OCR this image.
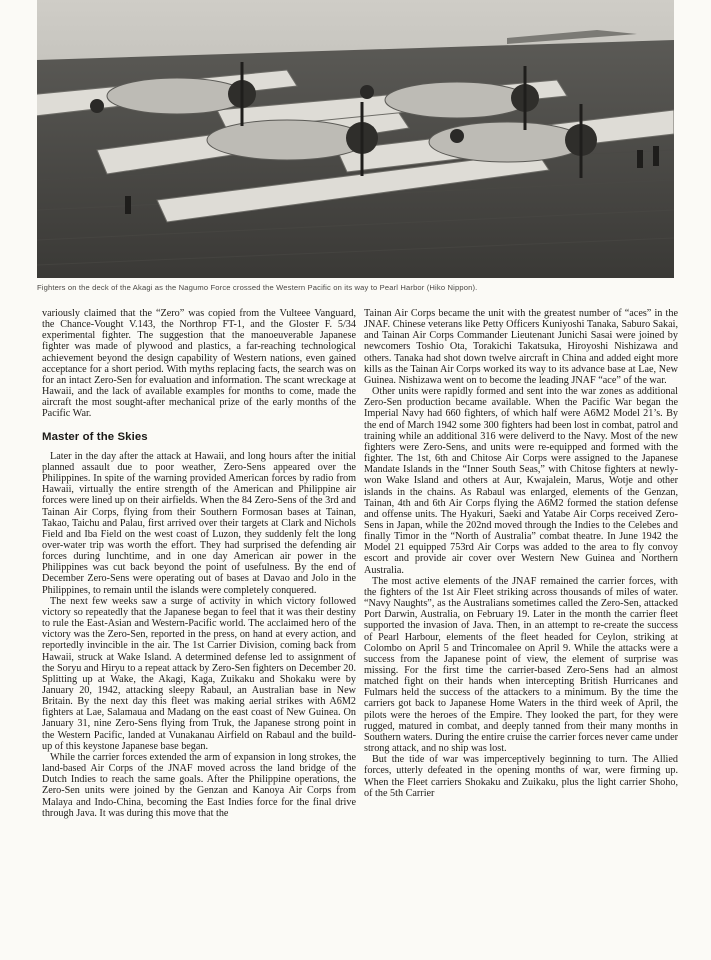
Fighters on the deck of the Akagi as the Nagumo Force crossed the Western Pacific on its way to Pearl Harbor (Hiko Nippon).

variously claimed that the “Zero” was copied from the Vulteee Vanguard, the Chance-Vought V.143, the Northrop FT-1, and the Gloster F. 5/34 experimental fighter. The suggestion that the manoeuverable Japanese fighter was made of plywood and plastics, a far-reaching technological achievement beyond the design capability of Western nations, even gained acceptance for a short period. With myths replacing facts, the search was on for an intact Zero-Sen for evaluation and information. The scant wreckage at Hawaii, and the lack of available examples for months to come, made the aircraft the most sought-after mechanical prize of the early months of the Pacific War.

Master of the Skies

Later in the day after the attack at Hawaii, and long hours after the initial planned assault due to poor weather, Zero-Sens appeared over the Philippines. In spite of the warning provided American forces by radio from Hawaii, virtually the entire strength of the American and Philippine air forces were lined up on their airfields. When the 84 Zero-Sens of the 3rd and Tainan Air Corps, flying from their Southern Formosan bases at Tainan, Takao, Taichu and Palau, first arrived over their targets at Clark and Nichols Field and Iba Field on the west coast of Luzon, they suddenly felt the long over-water trip was worth the effort. They had surprised the defending air forces during lunchtime, and in one day American air power in the Philippines was cut back beyond the point of usefulness. By the end of December Zero-Sens were operating out of bases at Davao and Jolo in the Philippines, to remain until the islands were completely conquered.

The next few weeks saw a surge of activity in which victory followed victory so repeatedly that the Japanese began to feel that it was their destiny to rule the East-Asian and Western-Pacific world. The acclaimed hero of the victory was the Zero-Sen, reported in the press, on hand at every action, and reportedly invincible in the air. The 1st Carrier Division, coming back from Hawaii, struck at Wake Island. A determined defense led to assignment of the Soryu and Hiryu to a repeat attack by Zero-Sen fighters on December 20. Splitting up at Wake, the Akagi, Kaga, Zuikaku and Shokaku were by January 20, 1942, attacking sleepy Rabaul, an Australian base in New Britain. By the next day this fleet was making aerial strikes with A6M2 fighters at Lae, Salamaua and Madang on the east coast of New Guinea. On January 31, nine Zero-Sens flying from Truk, the Japanese strong point in the Western Pacific, landed at Vunakanau Airfield on Rabaul and the build-up of this keystone Japanese base began.

While the carrier forces extended the arm of expansion in long strokes, the land-based Air Corps of the JNAF moved across the land bridge of the Dutch Indies to reach the same goals. After the Philippine operations, the Zero-Sen units were joined by the Genzan and Kanoya Air Corps from Malaya and Indo-China, becoming the East Indies force for the final drive through Java. It was during this move that the

Tainan Air Corps became the unit with the greatest number of “aces” in the JNAF. Chinese veterans like Petty Officers Kuniyoshi Tanaka, Saburo Sakai, and Tainan Air Corps Commander Lieutenant Junichi Sasai were joined by newcomers Toshio Ota, Torakichi Takatsuka, Hiroyoshi Nishizawa and others. Tanaka had shot down twelve aircraft in China and added eight more kills as the Tainan Air Corps worked its way to its advance base at Lae, New Guinea. Nishizawa went on to become the leading JNAF “ace” of the war.

Other units were rapidly formed and sent into the war zones as additional Zero-Sen production became available. When the Pacific War began the Imperial Navy had 660 fighters, of which half were A6M2 Model 21’s. By the end of March 1942 some 300 fighters had been lost in combat, patrol and training while an additional 316 were deliverd to the Navy. Most of the new fighters were Zero-Sens, and units were re-equipped and formed with the fighter. The 1st, 6th and Chitose Air Corps were assigned to the Japanese Mandate Islands in the “Inner South Seas,” with Chitose fighters at newly-won Wake Island and others at Aur, Kwajalein, Marus, Wotje and other islands in the chains. As Rabaul was enlarged, elements of the Genzan, Tainan, 4th and 6th Air Corps flying the A6M2 formed the station defense and offense units. The Hyakuri, Saeki and Yatabe Air Corps received Zero-Sens in Japan, while the 202nd moved through the Indies to the Celebes and finally Timor in the “North of Australia” combat theatre. In June 1942 the Model 21 equipped 753rd Air Corps was added to the area to fly convoy escort and provide air cover over Western New Guinea and Northern Australia.

The most active elements of the JNAF remained the carrier forces, with the fighters of the 1st Air Fleet striking across thousands of miles of water. “Navy Naughts”, as the Australians sometimes called the Zero-Sen, attacked Port Darwin, Australia, on February 19. Later in the month the carrier fleet supported the invasion of Java. Then, in an attempt to re-create the success of Pearl Harbour, elements of the fleet headed for Ceylon, striking at Colombo on April 5 and Trincomalee on April 9. While the attacks were a success from the Japanese point of view, the element of surprise was missing. For the first time the carrier-based Zero-Sens had an almost matched fight on their hands when intercepting British Hurricanes and Fulmars held the success of the attackers to a minimum. By the time the carriers got back to Japanese Home Waters in the third week of April, the pilots were the heroes of the Empire. They looked the part, for they were rugged, matured in combat, and deeply tanned from their many months in Southern waters. During the entire cruise the carrier forces never came under strong attack, and no ship was lost.

But the tide of war was imperceptively beginning to turn. The Allied forces, utterly defeated in the opening months of war, were firming up. When the Fleet carriers Shokaku and Zuikaku, plus the light carrier Shoho, of the 5th Carrier
